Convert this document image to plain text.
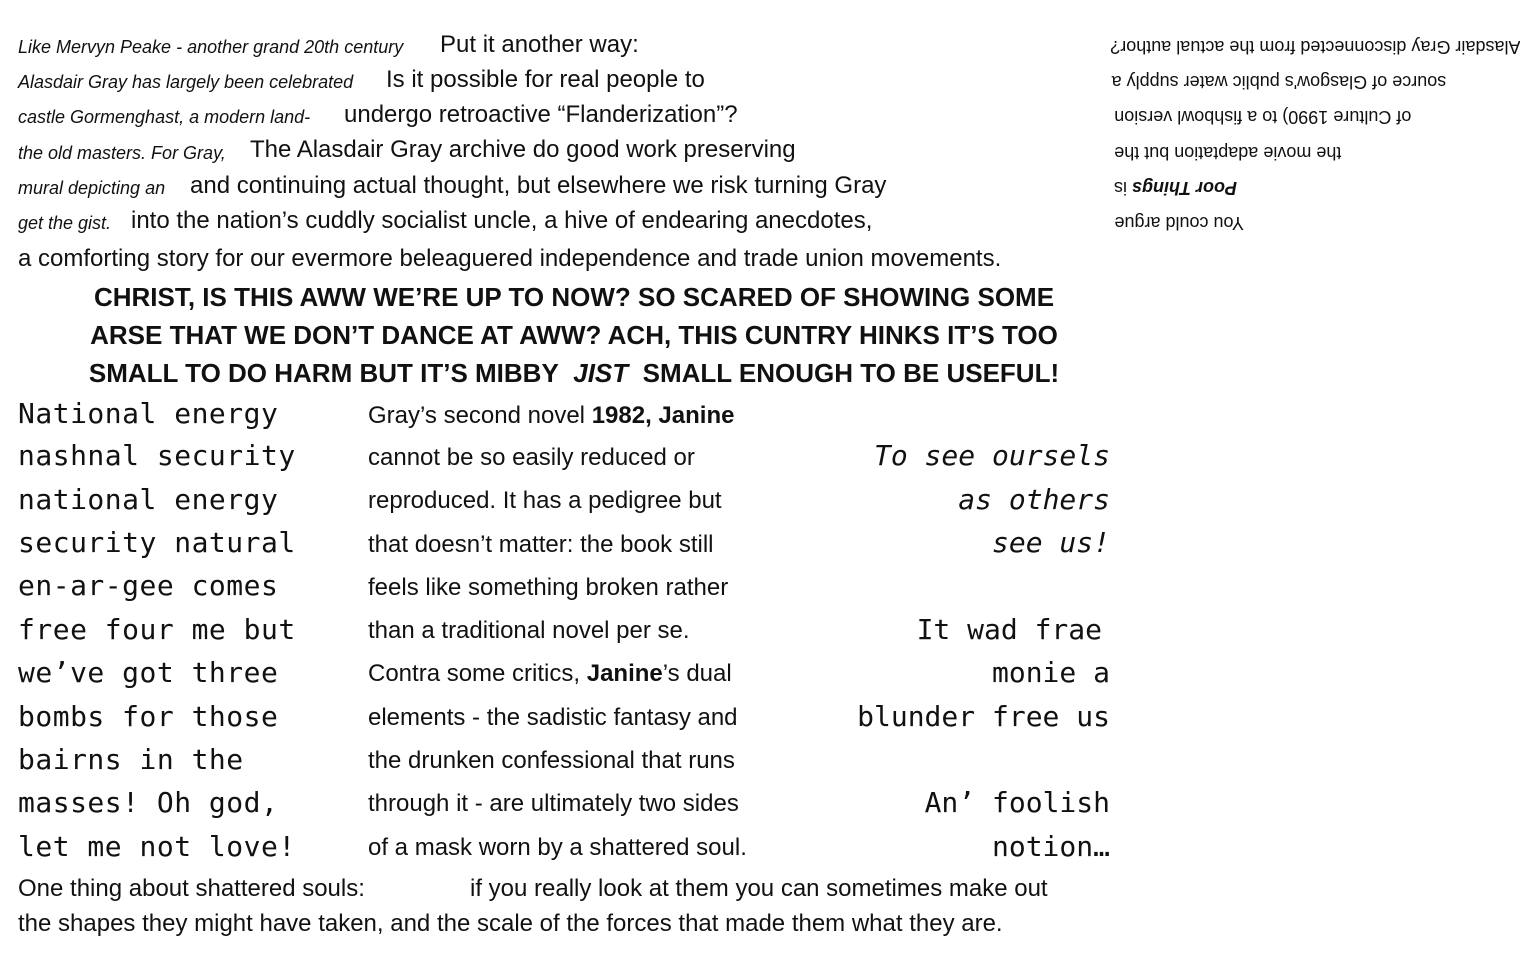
Like Mervyn Peake - another grand 20th century Put it another way:	Alasdair Gray disconnected from the actual author?
Alasdair Gray has largely been celebrated Is it possible for real people to	source of Glasgow's public water supply a
castle Gormenghast, a modern land- undergo retroactive “Flanderization”?	of Culture 1990) to a fishbowl version
the old masters. For Gray, The Alasdair Gray archive do good work preserving	the movie adaptation but the
mural depicting an and continuing actual thought, but elsewhere we risk turning Gray	Poor Things is
get the gist. into the nation’s cuddly socialist uncle, a hive of endearing anecdotes,	You could argue
a comforting story for our evermore beleaguered independence and trade union movements.
CHRIST, IS THIS AWW WE’RE UP TO NOW? SO SCARED OF SHOWING SOME
ARSE THAT WE DON’T DANCE AT AWW? ACH, THIS CUNTRY HINKS IT’S TOO
SMALL TO DO HARM BUT IT’S MIBBY JIST SMALL ENOUGH TO BE USEFUL!
National energy
nashnal security
national energy
security natural
en-ar-gee comes
free four me but
we’ve got three
bombs for those
bairns in the
masses! Oh god,
let me not love!
Gray’s second novel 1982, Janine
cannot be so easily reduced or
reproduced. It has a pedigree but
that doesn’t matter: the book still
feels like something broken rather
than a traditional novel per se.
Contra some critics, Janine’s dual
elements - the sadistic fantasy and
the drunken confessional that runs
through it - are ultimately two sides
of a mask worn by a shattered soul.
To see oursels
as others
see us!
It wad frae
monie a
blunder free us
An’ foolish
notion…
One thing about shattered souls:	if you really look at them you can sometimes make out
the shapes they might have taken, and the scale of the forces that made them what they are.
